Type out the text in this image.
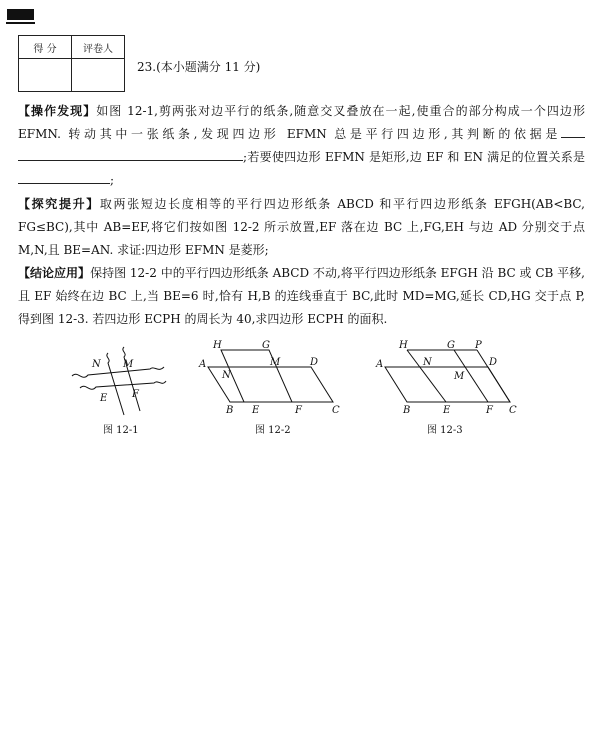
得 分	评卷人

23.(本小题满分 11 分)
【操作发现】如图 12-1,剪两张对边平行的纸条,随意交叉叠放在一起,使重合的部分构成一个四边形 EFMN. 转动其中一张纸条,发现四边形 EFMN 总是平行四边形,其判断的依据是;若要使四边形 EFMN 是矩形,边 EF 和 EN 满足的位置关系是;
【探究提升】取两张短边长度相等的平行四边形纸条 ABCD 和平行四边形纸条 EFGH(AB<BC, FG≤BC),其中 AB=EF,将它们按如图 12-2 所示放置,EF 落在边 BC 上,FG,EH 与边 AD 分别交于点 M,N,且 BE=AN. 求证:四边形 EFMN 是菱形;
【结论应用】保持图 12-2 中的平行四边形纸条 ABCD 不动,将平行四边形纸条 EFGH 沿 BC 或 CB 平移,且 EF 始终在边 BC 上,当 BE=6 时,恰有 H,B 的连线垂直于 BC,此时 MD=MG,延长 CD,HG 交于点 P,得到图 12-3. 若四边形 ECPH 的周长为 40,求四边形 ECPH 的面积.
N M
E F
图 12-1
H	G
A
N
M	D
B E	F	C
图 12-2
H	G P
A	N
M
D
B	E	F C
图 12-3
